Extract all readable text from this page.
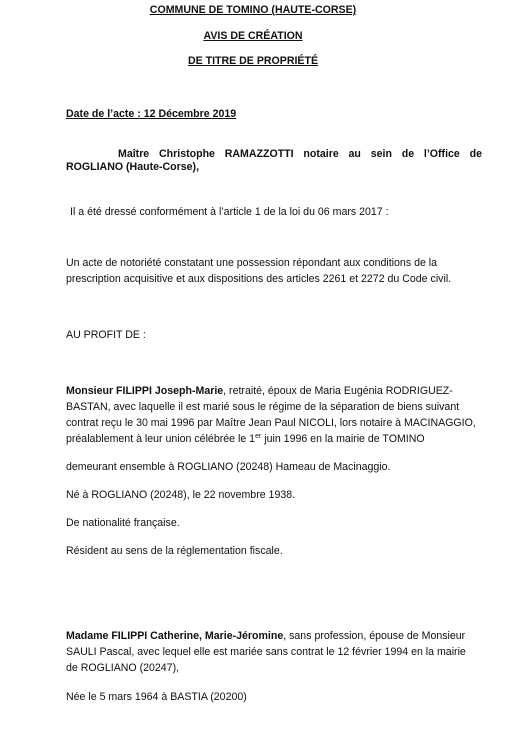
COMMUNE DE TOMINO (HAUTE-CORSE)
AVIS DE CRÉATION
DE TITRE DE PROPRIÉTÉ
Date de l’acte : 12 Décembre 2019
Maître Christophe RAMAZZOTTI notaire au sein de l’Office de
ROGLIANO (Haute-Corse),
Il a été dressé conformément à l’article 1 de la loi du 06 mars 2017 :
Un acte de notoriété constatant une possession répondant aux conditions de la
prescription acquisitive et aux dispositions des articles 2261 et 2272 du Code civil.
AU PROFIT DE :
Monsieur FILIPPI Joseph-Marie, retraité, époux de Maria Eugénia RODRIGUEZ-
BASTAN, avec laquelle il est marié sous le régime de la séparation de biens suivant
contrat reçu le 30 mai 1996 par Maître Jean Paul NICOLI, lors notaire à MACINAGGIO,
préalablement à leur union célébrée le 1er juin 1996 en la mairie de TOMINO
demeurant ensemble à ROGLIANO (20248) Hameau de Macinaggio.
Né à ROGLIANO (20248), le 22 novembre 1938.
De nationalité française.
Résident au sens de la réglementation fiscale.
Madame FILIPPI Catherine, Marie-Jéromine, sans profession, épouse de Monsieur
SAULI Pascal, avec lequel elle est mariée sans contrat le 12 février 1994 en la mairie
de ROGLIANO (20247),
Née le 5 mars 1964 à BASTIA (20200)
